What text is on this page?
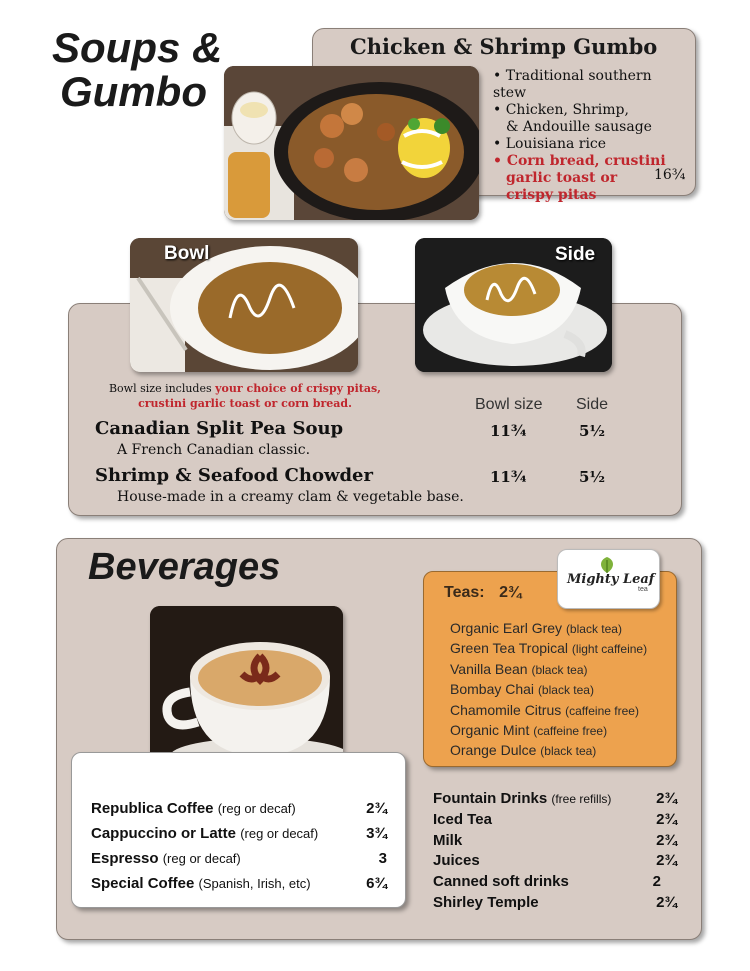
Soups &
Gumbo
Chicken & Shrimp Gumbo
• Traditional southern stew
• Chicken, Shrimp,
& Andouille sausage
• Louisiana rice
• Corn bread, crustini
garlic toast or
crispy pitas
16¾
Bowl	Side
Bowl size includes your choice of crispy pitas,
crustini garlic toast or corn bread.	Bowl size Side
Canadian Split Pea Soup
A French Canadian classic.
11¾	5½
Shrimp & Seafood Chowder
House-made in a creamy clam & vegetable base.
11¾	5½
Beverages
Teas: 2¾
Mighty Leaf
tea
Organic Earl Grey (black tea)
Green Tea Tropical (light caffeine)
Vanilla Bean (black tea)
Bombay Chai (black tea)
Chamomile Citrus (caffeine free)
Organic Mint (caffeine free)
Orange Dulce (black tea)
Republica Coffee (reg or decaf)	2¾
Cappuccino or Latte (reg or decaf)	3¾
Espresso (reg or decaf)	3
Special Coffee (Spanish, Irish, etc)	6¾
Fountain Drinks (free refills)	2¾
Iced Tea	2¾
Milk	2¾
Juices	2¾
Canned soft drinks	2
Shirley Temple	2¾
